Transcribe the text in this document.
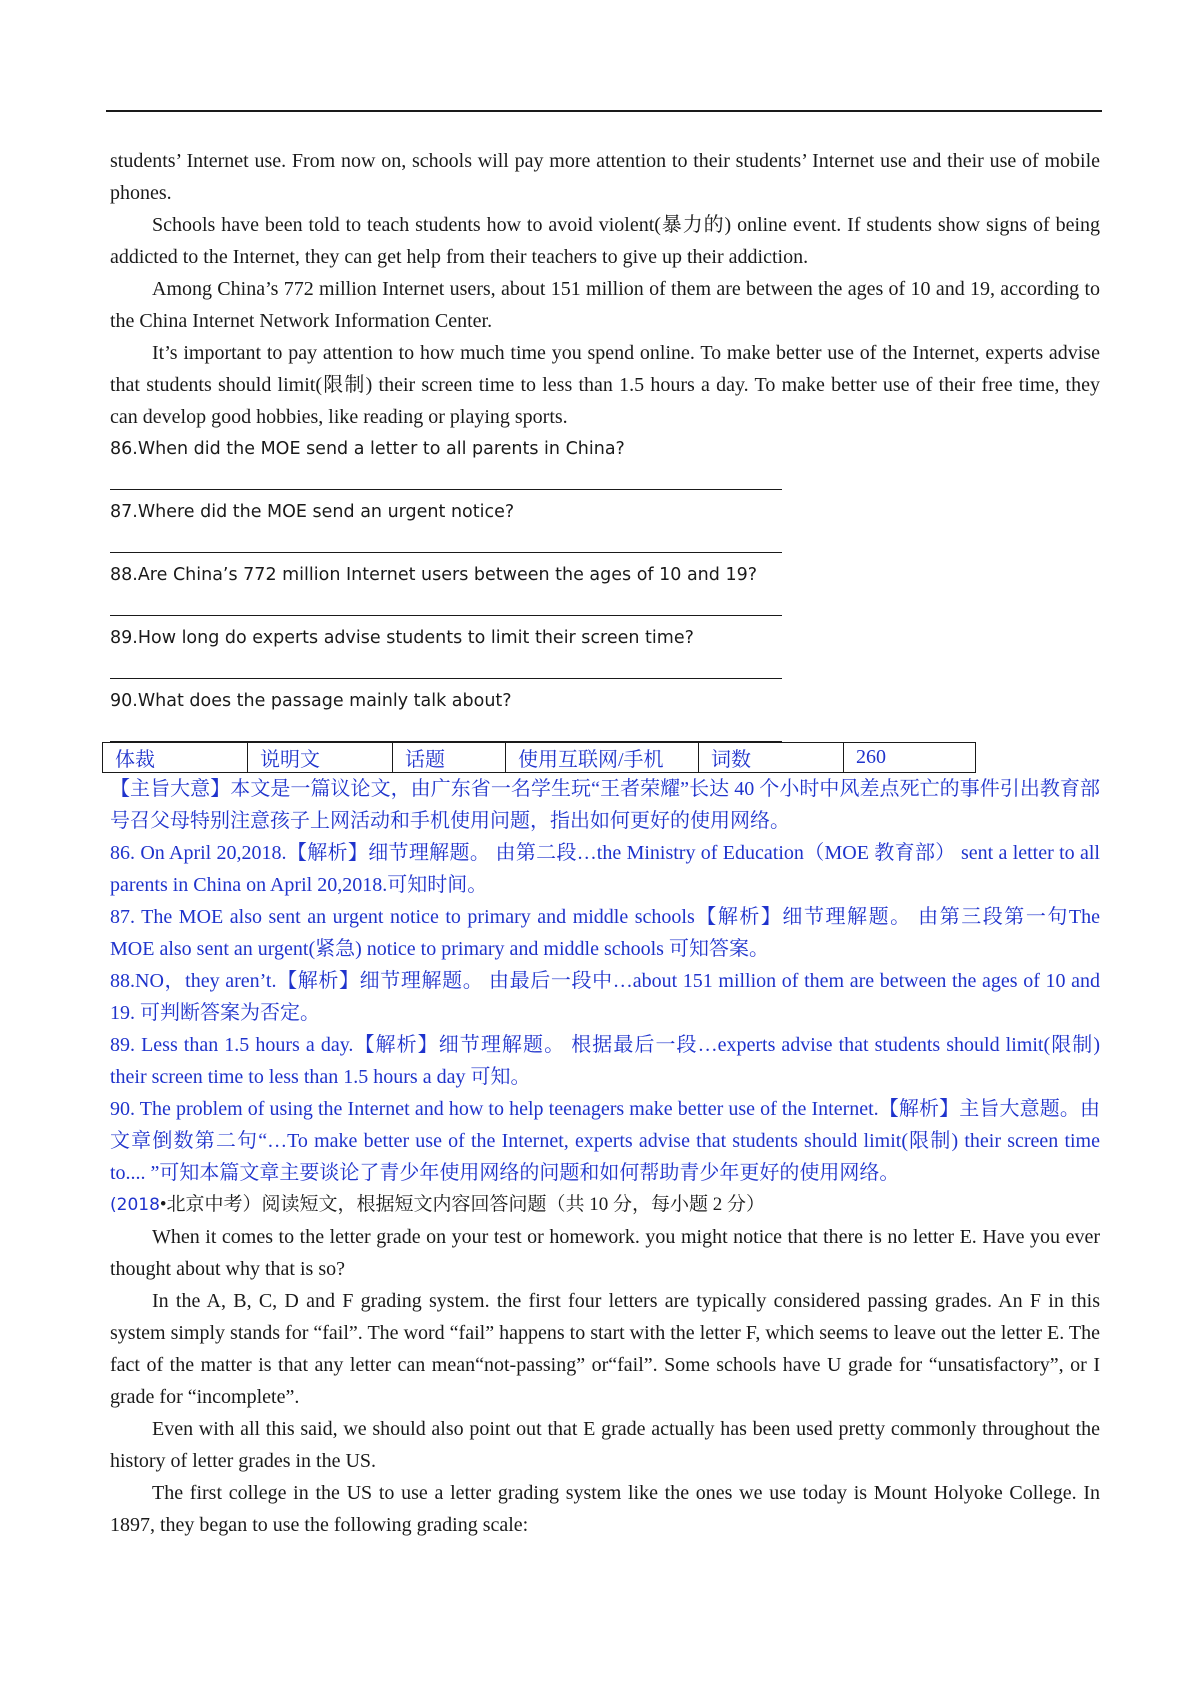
students’ Internet use. From now on, schools will pay more attention to their students’ Internet use and their use of mobile phones.

Schools have been told to teach students how to avoid violent(暴力的) online event. If students show signs of being addicted to the Internet, they can get help from their teachers to give up their addiction.

Among China’s 772 million Internet users, about 151 million of them are between the ages of 10 and 19, according to the China Internet Network Information Center.

It’s important to pay attention to how much time you spend online. To make better use of the Internet, experts advise that students should limit(限制) their screen time to less than 1.5 hours a day. To make better use of their free time, they can develop good hobbies, like reading or playing sports.

86.When did the MOE send a letter to all parents in China?

87.Where did the MOE send an urgent notice?

88.Are China’s 772 million Internet users between the ages of 10 and 19?

89.How long do experts advise students to limit their screen time?

90.What does the passage mainly talk about?

体裁	说明文	话题	使用互联网/手机	词数	260

【主旨大意】本文是一篇议论文，由广东省一名学生玩“王者荣耀”长达 40 个小时中风差点死亡的事件引出教育部号召父母特别注意孩子上网活动和手机使用问题，指出如何更好的使用网络。

86. On April 20,2018.【解析】细节理解题。 由第二段…the Ministry of Education（MOE 教育部） sent a letter to all parents in China on April 20,2018.可知时间。

87. The MOE also sent an urgent notice to primary and middle schools【解析】细节理解题。 由第三段第一句The MOE also sent an urgent(紧急) notice to primary and middle schools 可知答案。

88.NO，they aren’t.【解析】细节理解题。 由最后一段中…about 151 million of them are between the ages of 10 and 19. 可判断答案为否定。

89. Less than 1.5 hours a day.【解析】细节理解题。 根据最后一段…experts advise that students should limit(限制) their screen time to less than 1.5 hours a day 可知。

90. The problem of using the Internet and how to help teenagers make better use of the Internet.【解析】主旨大意题。由文章倒数第二句“…To make better use of the Internet, experts advise that students should limit(限制) their screen time to.... ”可知本篇文章主要谈论了青少年使用网络的问题和如何帮助青少年更好的使用网络。

(2018•北京中考）阅读短文，根据短文内容回答问题（共 10 分，每小题 2 分）

When it comes to the letter grade on your test or homework. you might notice that there is no letter E. Have you ever thought about why that is so?

In the A, B, C, D and F grading system. the first four letters are typically considered passing grades. An F in this system simply stands for “fail”. The word “fail” happens to start with the letter F, which seems to leave out the letter E. The fact of the matter is that any letter can mean“not-passing” or“fail”. Some schools have U grade for “unsatisfactory”, or I grade for “incomplete”.

Even with all this said, we should also point out that E grade actually has been used pretty commonly throughout the history of letter grades in the US.

The first college in the US to use a letter grading system like the ones we use today is Mount Holyoke College. In 1897, they began to use the following grading scale:
